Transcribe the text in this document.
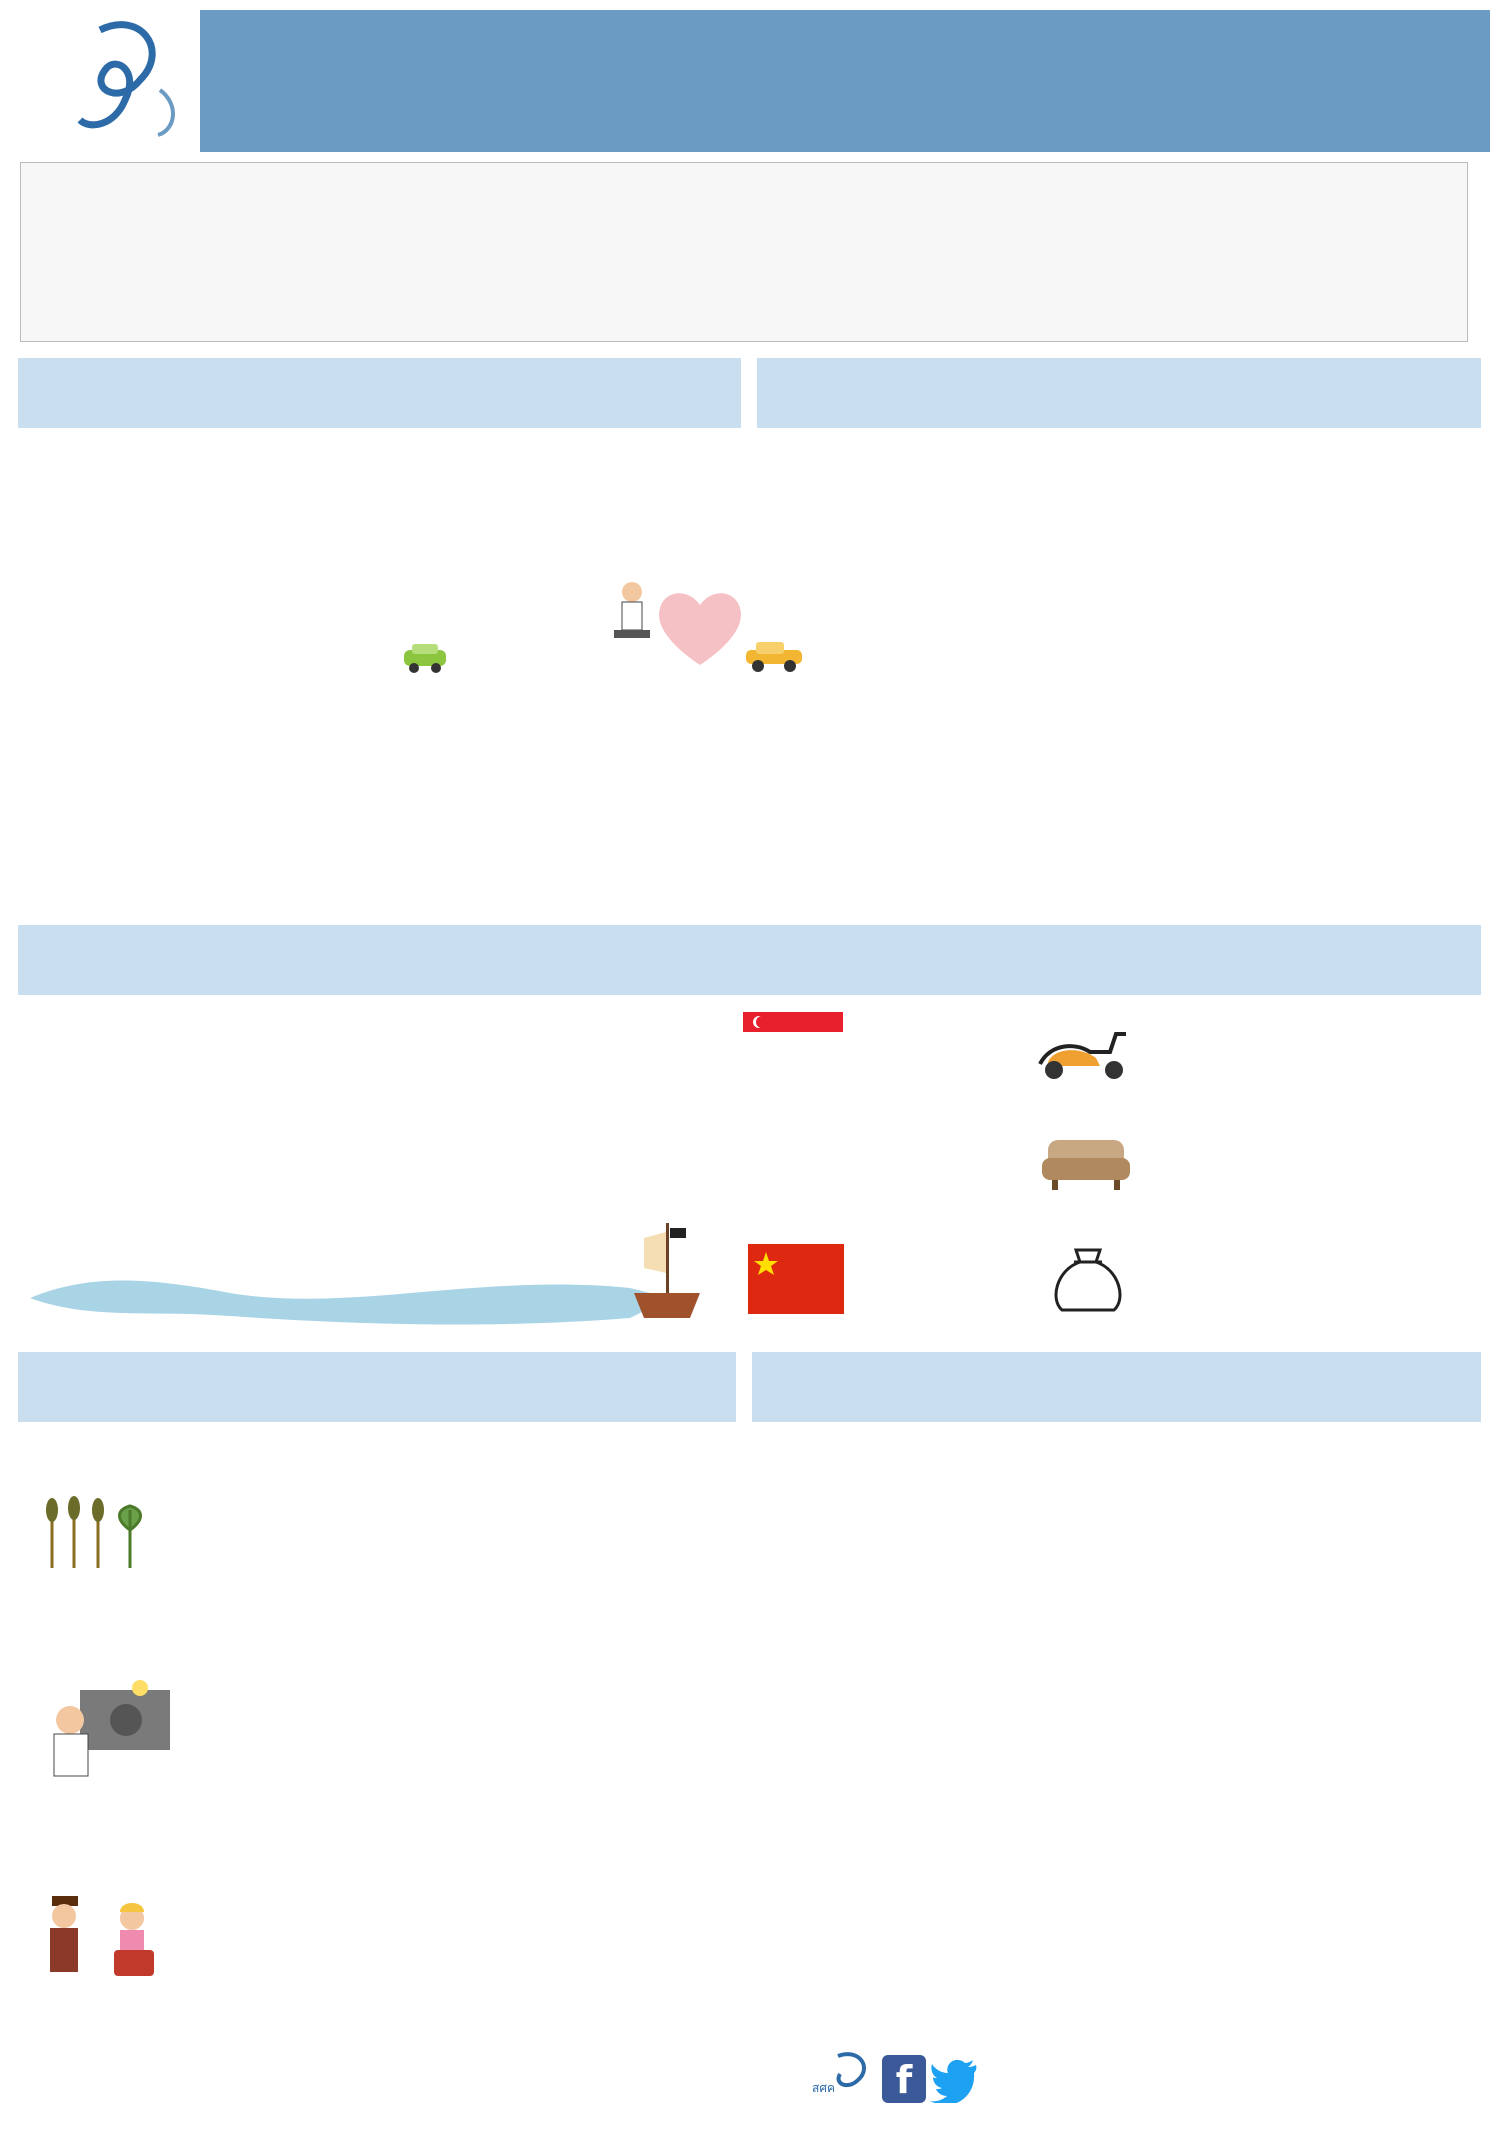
สศค	f
